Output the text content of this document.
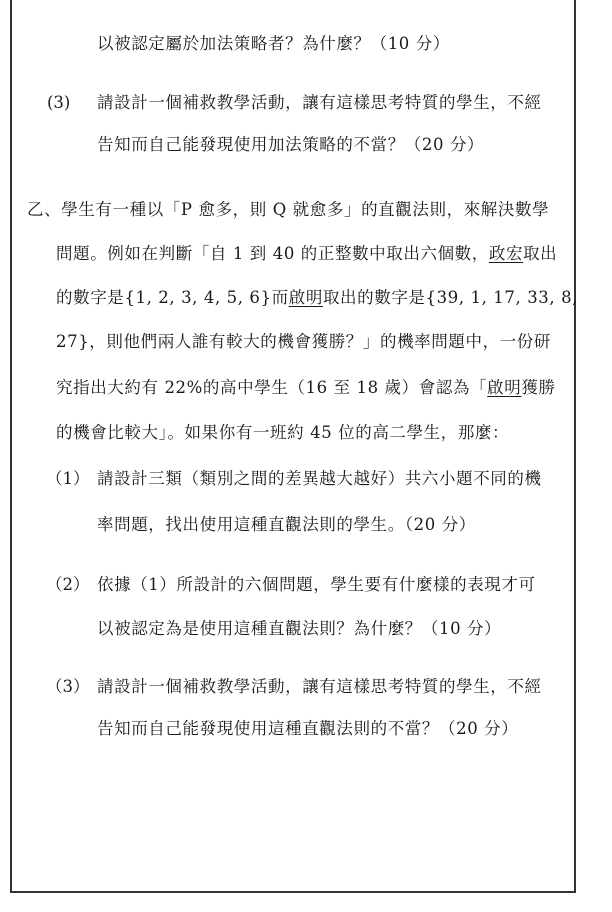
以被認定屬於加法策略者？為什麼？（10 分）
(3) 請設計一個補救教學活動，讓有這樣思考特質的學生，不經
告知而自己能發現使用加法策略的不當？（20 分）
乙、學生有一種以「P 愈多，則 Q 就愈多」的直觀法則，來解決數學
問題。例如在判斷「自 1 到 40 的正整數中取出六個數，政宏取出
的數字是{1, 2, 3, 4, 5, 6}而啟明取出的數字是{39, 1, 17, 33, 8,
27}，則他們兩人誰有較大的機會獲勝？」的機率問題中，一份研
究指出大約有 22%的高中學生（16 至 18 歲）會認為「啟明獲勝
的機會比較大」。如果你有一班約 45 位的高二學生，那麼：
（1） 請設計三類（類別之間的差異越大越好）共六小題不同的機
率問題，找出使用這種直觀法則的學生。（20 分）
（2） 依據（1）所設計的六個問題，學生要有什麼樣的表現才可
以被認定為是使用這種直觀法則？為什麼？（10 分）
（3） 請設計一個補救教學活動，讓有這樣思考特質的學生，不經
告知而自己能發現使用這種直觀法則的不當？（20 分）
